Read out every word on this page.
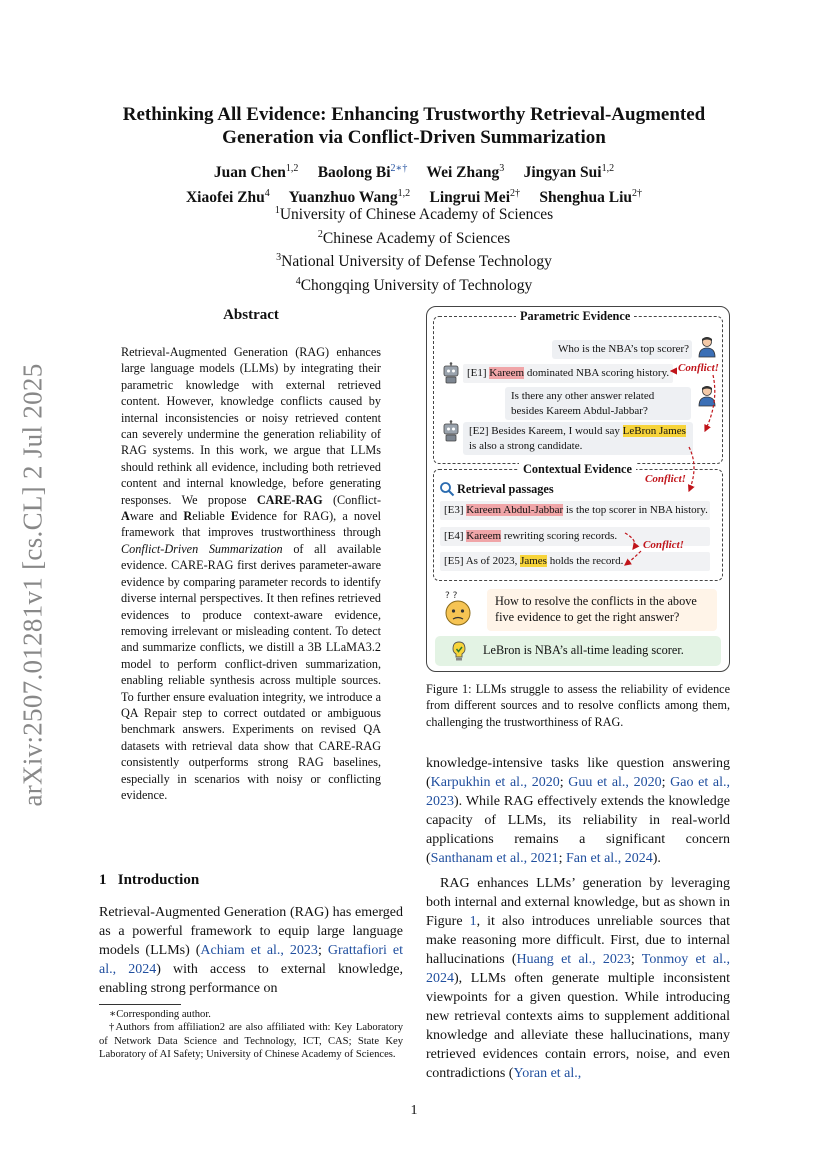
Rethinking All Evidence: Enhancing Trustworthy Retrieval-Augmented
Generation via Conflict-Driven Summarization
Juan Chen$^{1,2}$ Baolong $Bi^{2∗\dagger}$ Wei Zhang$^3$ Jingyan Sui$^{1,2}$
Xiaofei Zhu$^4$ Yuanzhuo Wang$^{1,2}$ Lingrui Mei$^{2\dagger}$ Shenghua Liu$^{2\dagger}$
$^1$University of Chinese Academy of Sciences
$^2$Chinese Academy of Sciences
$^3$National University of Defense Technology
$^4$Chongqing University of Technology
arXiv:2507.01281v1 [cs.CL] 2 Jul 2025
Abstract
Retrieval-Augmented Generation (RAG) enhances large language models (LLMs) by integrating their parametric knowledge with external retrieved content. However, knowledge conflicts caused by internal inconsistencies or noisy retrieved content can severely undermine the generation reliability of RAG systems. In this work, we argue that LLMs should rethink all evidence, including both retrieved content and internal knowledge, before generating responses. We propose CARE-RAG (Conflict-Aware and Reliable Evidence for RAG), a novel framework that improves trustworthiness through Conflict-Driven Summarization of all available evidence. CARE-RAG first derives parameter-aware evidence by comparing parameter records to identify diverse internal perspectives. It then refines retrieved evidences to produce context-aware evidence, removing irrelevant or misleading content. To detect and summarize conflicts, we distill a 3B LLaMA3.2 model to perform conflict-driven summarization, enabling reliable synthesis across multiple sources. To further ensure evaluation integrity, we introduce a QA Repair step to correct outdated or ambiguous benchmark answers. Experiments on revised QA datasets with retrieval data show that CARE-RAG consistently outperforms strong RAG baselines, especially in scenarios with noisy or conflicting evidence.
1 Introduction
Retrieval-Augmented Generation (RAG) has emerged as a powerful framework to equip large language models (LLMs) (Achiam et al., 2023; Grattafiori et al., 2024) with access to external knowledge, enabling strong performance on

∗Corresponding author.

†Authors from affiliation2 are also affiliated with: Key Laboratory of Network Data Science and Technology, ICT, CAS; State Key Laboratory of AI Safety; University of Chinese Academy of Sciences.

1
Parametric Evidence
Who is the NBA’s top scorer?
[E1] Kareem dominated NBA scoring history. Conflict!
Is there any other answer related besides Kareem Abdul-Jabbar?
[E2] Besides Kareem, I would say LeBron James is also a strong candidate.
Contextual Evidence
Conflict!
Retrieval passages
[E3] Kareem Abdul-Jabbar is the top scorer in NBA history.
[E4] Kareem rewriting scoring records.
Conflict!
[E5] As of 2023, James holds the record.
? ?	How to resolve the conflicts in the above five evidence to get the right answer?
LeBron is NBA’s all-time leading scorer.
Figure 1: LLMs struggle to assess the reliability of evidence from different sources and to resolve conflicts among them, challenging the trustworthiness of RAG.
knowledge-intensive tasks like question answering (Karpukhin et al., 2020; Guu et al., 2020; Gao et al., 2023). While RAG effectively extends the knowledge capacity of LLMs, its reliability in real-world applications remains a significant concern (Santhanam et al., 2021; Fan et al., 2024).

RAG enhances LLMs’ generation by leveraging both internal and external knowledge, but as shown in Figure 1, it also introduces unreliable sources that make reasoning more difficult. First, due to internal hallucinations (Huang et al., 2023; Tonmoy et al., 2024), LLMs often generate multiple inconsistent viewpoints for a given question. While introducing new retrieval contexts aims to supplement additional knowledge and alleviate these hallucinations, many retrieved evidences contain errors, noise, and even contradictions (Yoran et al.,
